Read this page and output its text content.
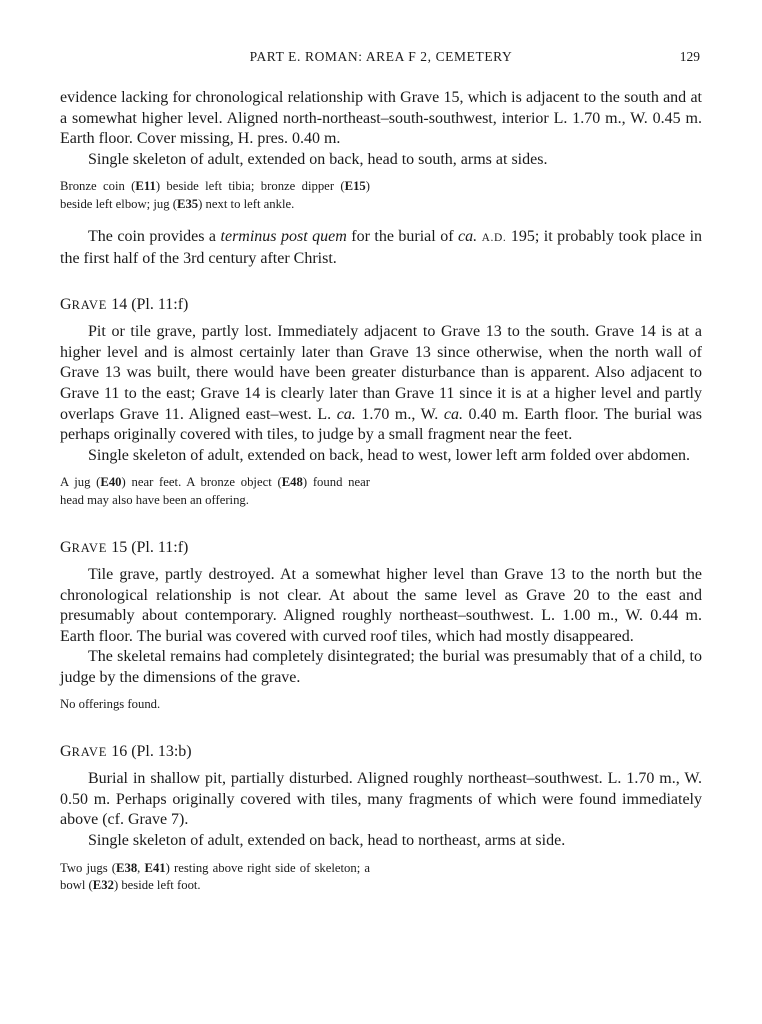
PART E. ROMAN: AREA F 2, CEMETERY	129

evidence lacking for chronological relationship with Grave 15, which is adjacent to the south and at a somewhat higher level. Aligned north-northeast–south-southwest, interior L. 1.70 m., W. 0.45 m. Earth floor. Cover missing, H. pres. 0.40 m.

Single skeleton of adult, extended on back, head to south, arms at sides.

Bronze coin (E11) beside left tibia; bronze dipper (E15) beside left elbow; jug (E35) next to left ankle.

The coin provides a terminus post quem for the burial of ca. A.D. 195; it probably took place in the first half of the 3rd century after Christ.

GRAVE 14 (Pl. 11:f)

Pit or tile grave, partly lost. Immediately adjacent to Grave 13 to the south. Grave 14 is at a higher level and is almost certainly later than Grave 13 since otherwise, when the north wall of Grave 13 was built, there would have been greater disturbance than is apparent. Also adjacent to Grave 11 to the east; Grave 14 is clearly later than Grave 11 since it is at a higher level and partly overlaps Grave 11. Aligned east–west. L. ca. 1.70 m., W. ca. 0.40 m. Earth floor. The burial was perhaps originally covered with tiles, to judge by a small fragment near the feet.

Single skeleton of adult, extended on back, head to west, lower left arm folded over abdomen.

A jug (E40) near feet. A bronze object (E48) found near head may also have been an offering.

GRAVE 15 (Pl. 11:f)

Tile grave, partly destroyed. At a somewhat higher level than Grave 13 to the north but the chronological relationship is not clear. At about the same level as Grave 20 to the east and presumably about contemporary. Aligned roughly northeast–southwest. L. 1.00 m., W. 0.44 m. Earth floor. The burial was covered with curved roof tiles, which had mostly disappeared.

The skeletal remains had completely disintegrated; the burial was presumably that of a child, to judge by the dimensions of the grave.

No offerings found.

GRAVE 16 (Pl. 13:b)

Burial in shallow pit, partially disturbed. Aligned roughly northeast–southwest. L. 1.70 m., W. 0.50 m. Perhaps originally covered with tiles, many fragments of which were found immediately above (cf. Grave 7).

Single skeleton of adult, extended on back, head to northeast, arms at side.

Two jugs (E38, E41) resting above right side of skeleton; a bowl (E32) beside left foot.
